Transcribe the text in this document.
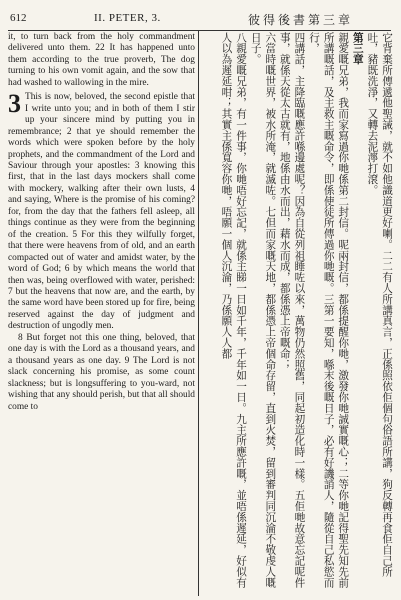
612	II. PETER, 3.	彼得後書第三章

it, to turn back from the holy commandment delivered unto them. 22 It has happened unto them according to the true proverb, The dog turning to his own vomit again, and the sow that had washed to wallowing in the mire.

3 This is now, beloved, the second epistle that I write unto you; and in both of them I stir up your sincere mind by putting you in remembrance; 2 that ye should remember the words which were spoken before by the holy prophets, and the commandment of the Lord and Saviour through your apostles: 3 knowing this first, that in the last days mockers shall come with mockery, walking after their own lusts, 4 and saying, Where is the promise of his coming? for, from the day that the fathers fell asleep, all things continue as they were from the beginning of the creation. 5 For this they wilfully forget, that there were heavens from of old, and an earth compacted out of water and amidst water, by the word of God; 6 by which means the world that then was, being overflowed with water, perished: 7 but the heavens that now are, and the earth, by the same word have been stored up for fire, being reserved against the day of judgment and destruction of ungodly men.

8 But forget not this one thing, beloved, that one day is with the Lord as a thousand years, and a thousand years as one day. 9 The Lord is not slack concerning his promise, as some count slackness; but is longsuffering to you-ward, not wishing that any should perish, but that all should come to	它背棄所傳遞他聖誡，就不如他識道更好喇。二二有人所講真言，正係照依佢個句俗語所講，狗反轉再食佢自己所吐，豬既洗淨，又轉去泥濘打滾。

第三章

親愛嘅兄弟，我而家寫過你哋係第二封信。呢兩封信，都係提醒你哋，激發你哋誠實嘅心；二等你哋記得聖先知先前所講嘅話，及主救主嘅命令，即係使徒所傳過你哋嘅。三第一要知，喺末後嘅日子，必有好譏誚人，隨從自己私慾而行，

四講話，主降臨嘅應許喺邊處呢？因為自從列祖睡咗以來，萬物仍然照舊，同起初造化時一樣。五佢哋故意忘記呢件事，就係天從太古就有，地係由水而出，藉水而成，都係憑上帝嘅命；

六當時嘅世界，被水所淹，就滅咗。七但而家嘅天地，都係憑上帝個命存留，直到火焚，留到審判同沉淪不敬虔人嘅日子。

八親愛嘅兄弟，有一件事，你哋唔好忘記，就係主睇一日如千年，千年如一日。九主所應許嘅，並唔係遲延，好似有人以為遲延咁；其實主係寬容你哋，唔願一個人沉淪，乃係願人人都
